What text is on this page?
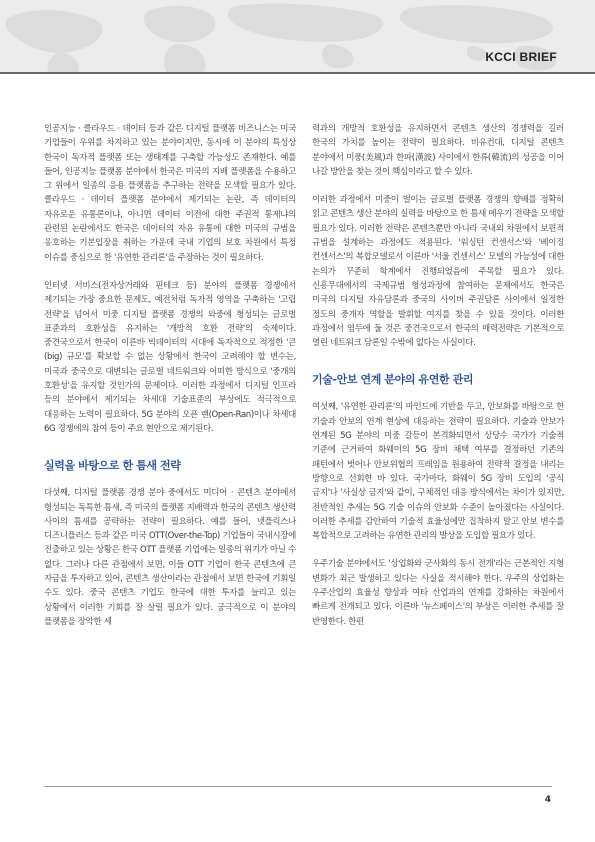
KCCI BRIEF

인공지능 · 클라우드 · 데이터 등과 같은 디지털 플랫폼 비즈니스는 미국 기업들이 우위를 차지하고 있는 분야이지만, 동시에 이 분야의 특성상 한국이 독자적 플랫폼 또는 생태계를 구축할 가능성도 존재한다. 예를 들어, 인공지능 플랫폼 분야에서 한국은 미국의 지배 플랫폼을 수용하고 그 위에서 일종의 응용 플랫폼을 추구하는 전략을 모색할 필요가 있다. 클라우드 · 데이터 플랫폼 분야에서 제기되는 논란, 즉 데이터의 자유로운 유통론이냐, 아니면 데이터 이전에 대한 주권적 통제냐의 관련된 논란에서도 한국은 데이터의 자유 유통에 대한 미국의 규범을 옹호하는 기본입장을 취하는 가운데 국내 기업의 보호 차원에서 특정 이슈를 중심으로 한 '유연한 관리론'을 주장하는 것이 필요하다.

인터넷 서비스(전자상거래와 핀테크 등) 분야의 플랫폼 경쟁에서 제기되는 가장 중요한 문제도, 예전처럼 독자적 영역을 구축하는 '고립 전략'을 넘어서 미중 디지털 플랫폼 경쟁의 와중에 형성되는 글로벌 표준과의 호환성을 유지하는 '개방적 호환 전략'의 숙제이다. 중견국으로서 한국이 이른바 빅데이터의 시대에 독자적으로 적정한 '큰(big) 규모'를 확보할 수 없는 상황에서 한국이 고려해야 할 변수는, 미국과 중국으로 대변되는 글로벌 네트워크와 어떠한 방식으로 '중개의 호환성'을 유지할 것인가의 문제이다. 이러한 과정에서 디지털 인프라 등의 분야에서 제기되는 차세대 기술표준의 부상에도 적극적으로 대응하는 노력이 필요하다. 5G 분야의 오픈 랜(Open-Ran)이나 차세대 6G 경쟁에의 참여 등이 주요 현안으로 제기된다.

실력을 바탕으로 한 틈새 전략

다섯째, 디지털 플랫폼 경쟁 분야 중에서도 미디어 · 콘텐츠 분야에서 형성되는 독특한 틈새, 즉 미국의 플랫폼 지배력과 한국의 콘텐츠 생산력 사이의 틈새를 공략하는 전략이 필요하다. 예를 들어, 넷플릭스나 디즈니플러스 등과 같은 미국 OTT(Over-the-Top) 기업들이 국내시장에 진출하고 있는 상황은 한국 OTT 플랫폼 기업에는 일종의 위기가 아닐 수 없다. 그러나 다른 관점에서 보면, 이들 OTT 기업이 한국 콘텐츠에 큰 자금을 투자하고 있어, 콘텐츠 생산이라는 관점에서 보면 한국에 기회일 수도 있다. 중국 콘텐츠 기업도 한국에 대한 투자를 늘리고 있는 상황에서 이러한 기회를 잘 살릴 필요가 있다. 궁극적으로 이 분야의 플랫폼을 장악한 세

력과의 개방적 호환성을 유지하면서 콘텐츠 생산의 경쟁력을 길러 한국의 가치를 높이는 전략이 필요하다. 비유컨대, 디지털 콘텐츠 분야에서 미풍(美風)과 한파(漢波) 사이에서 한류(韓流)의 성공을 이어 나갈 방안을 찾는 것이 핵심이라고 할 수 있다.

이러한 과정에서 미중이 벌이는 글로벌 플랫폼 경쟁의 향배를 정확히 읽고 콘텐츠 생산 분야의 실력을 바탕으로 한 틈새 메우기 전략을 모색할 필요가 있다. 이러한 전략은 콘텐츠뿐만 아니라 국내외 차원에서 보편적 규범을 설계하는 과정에도 적용된다. '워싱턴 컨센서스'와 '베이징 컨센서스'의 복합모델로서 이른바 '서울 컨센서스' 모델의 가능성에 대한 논의가 꾸준히 학계에서 진행되었음에 주목할 필요가 있다. 신흥무대에서의 국제규범 형성과정에 참여하는 문제에서도 한국은 미국의 디지털 자유담론과 중국의 사이버 주권담론 사이에서 일정한 정도의 중개자 역할을 발휘할 여지를 찾을 수 있을 것이다. 이러한 과정에서 염두에 둘 것은 중견국으로서 한국의 매력전략은 기본적으로 열린 네트워크 담론일 수밖에 없다는 사실이다.

기술-안보 연계 분야의 유연한 관리

여섯째, '유연한 관리론'의 마인드에 기반을 두고, 안보화를 바탕으로 한 기술과 안보의 연계 현상에 대응하는 전략이 필요하다. 기술과 안보가 연계된 5G 분야의 미중 갈등이 본격화되면서 상당수 국가가 기술적 기준에 근거하여 화웨이의 5G 장비 채택 여부를 결정하던 기존의 패턴에서 벗어나 안보위협의 프레임을 원용하여 전략적 결정을 내리는 방향으로 선회한 바 있다. 국가마다, 화웨이 5G 장비 도입의 '공식 금지'나 '사실상 금지'와 같이, 구체적인 대응 방식에서는 차이가 있지만, 전반적인 추세는 5G 기술 이슈의 안보화 수준이 높아졌다는 사실이다. 이러한 추세를 감안하여 기술적 효율성에만 집착하지 말고 안보 변수를 복합적으로 고려하는 유연한 관리의 발상을 도입할 필요가 있다.

우주기술 분야에서도 '상업화와 군사화의 동시 전개'라는 근본적인 지형 변화가 최근 발생하고 있다는 사실을 적시해야 한다. 우주의 상업화는 우주산업의 효율성 향상과 여타 산업과의 연계를 강화하는 차원에서 빠르게 전개되고 있다. 이른바 '뉴스페이스'의 부상은 이러한 추세를 잘 반영한다. 한편

4
